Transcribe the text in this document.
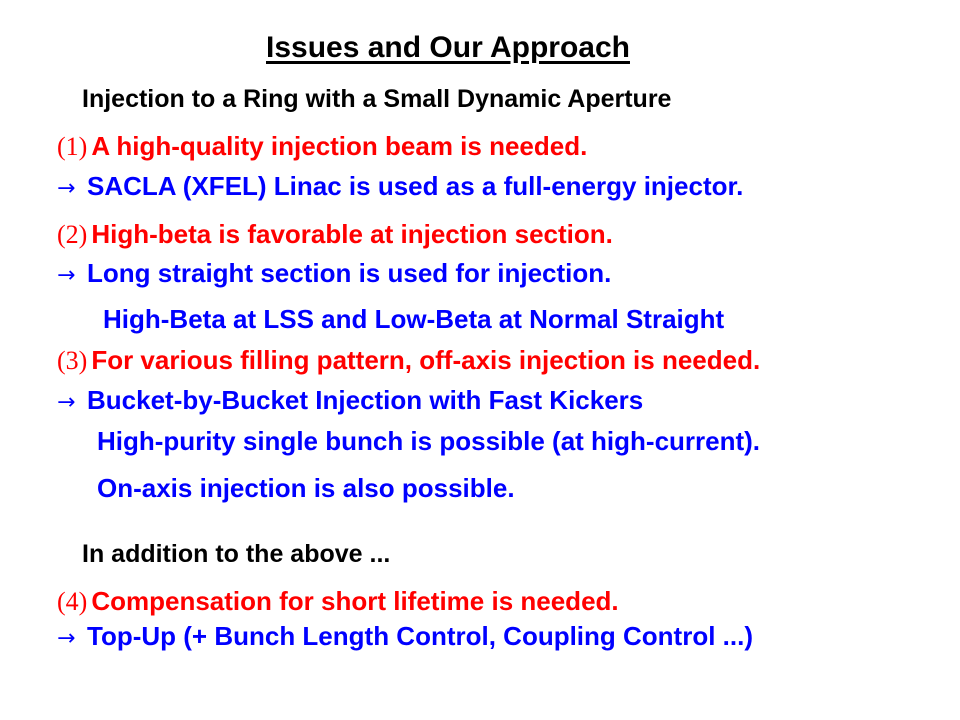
Issues and Our Approach
Injection to a Ring with a Small Dynamic Aperture
(1) A high-quality injection beam is needed.
→ SACLA (XFEL) Linac is used as a full-energy injector.
(2) High-beta is favorable at injection section.
→ Long straight section is used for injection.
High-Beta at LSS and Low-Beta at Normal Straight
(3) For various filling pattern, off-axis injection is needed.
→ Bucket-by-Bucket Injection with Fast Kickers
High-purity single bunch is possible (at high-current).
On-axis injection is also possible.
In addition to the above ...
(4) Compensation for short lifetime is needed.
→ Top-Up (+ Bunch Length Control, Coupling Control ...)
